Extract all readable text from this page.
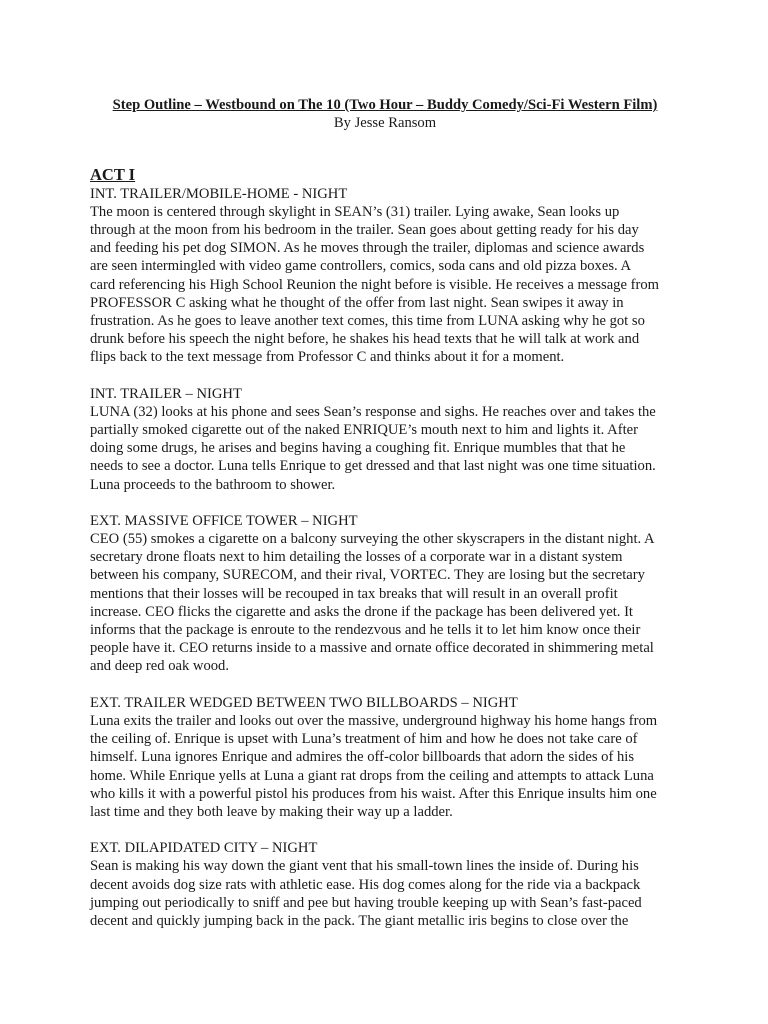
Step Outline – Westbound on The 10 (Two Hour – Buddy Comedy/Sci-Fi Western Film)

By Jesse Ransom

ACT I

INT. TRAILER/MOBILE-HOME - NIGHT

The moon is centered through skylight in SEAN’s (31) trailer. Lying awake, Sean looks up
through at the moon from his bedroom in the trailer. Sean goes about getting ready for his day
and feeding his pet dog SIMON. As he moves through the trailer, diplomas and science awards
are seen intermingled with video game controllers, comics, soda cans and old pizza boxes. A
card referencing his High School Reunion the night before is visible. He receives a message from
PROFESSOR C asking what he thought of the offer from last night. Sean swipes it away in
frustration. As he goes to leave another text comes, this time from LUNA asking why he got so
drunk before his speech the night before, he shakes his head texts that he will talk at work and
flips back to the text message from Professor C and thinks about it for a moment.

INT. TRAILER – NIGHT

LUNA (32) looks at his phone and sees Sean’s response and sighs. He reaches over and takes the
partially smoked cigarette out of the naked ENRIQUE’s mouth next to him and lights it. After
doing some drugs, he arises and begins having a coughing fit. Enrique mumbles that that he
needs to see a doctor. Luna tells Enrique to get dressed and that last night was one time situation.
Luna proceeds to the bathroom to shower.

EXT. MASSIVE OFFICE TOWER – NIGHT

CEO (55) smokes a cigarette on a balcony surveying the other skyscrapers in the distant night. A
secretary drone floats next to him detailing the losses of a corporate war in a distant system
between his company, SURECOM, and their rival, VORTEC. They are losing but the secretary
mentions that their losses will be recouped in tax breaks that will result in an overall profit
increase. CEO flicks the cigarette and asks the drone if the package has been delivered yet. It
informs that the package is enroute to the rendezvous and he tells it to let him know once their
people have it. CEO returns inside to a massive and ornate office decorated in shimmering metal
and deep red oak wood.

EXT. TRAILER WEDGED BETWEEN TWO BILLBOARDS – NIGHT

Luna exits the trailer and looks out over the massive, underground highway his home hangs from
the ceiling of. Enrique is upset with Luna’s treatment of him and how he does not take care of
himself. Luna ignores Enrique and admires the off-color billboards that adorn the sides of his
home. While Enrique yells at Luna a giant rat drops from the ceiling and attempts to attack Luna
who kills it with a powerful pistol his produces from his waist. After this Enrique insults him one
last time and they both leave by making their way up a ladder.

EXT. DILAPIDATED CITY – NIGHT

Sean is making his way down the giant vent that his small-town lines the inside of. During his
decent avoids dog size rats with athletic ease. His dog comes along for the ride via a backpack
jumping out periodically to sniff and pee but having trouble keeping up with Sean’s fast-paced
decent and quickly jumping back in the pack. The giant metallic iris begins to close over the
